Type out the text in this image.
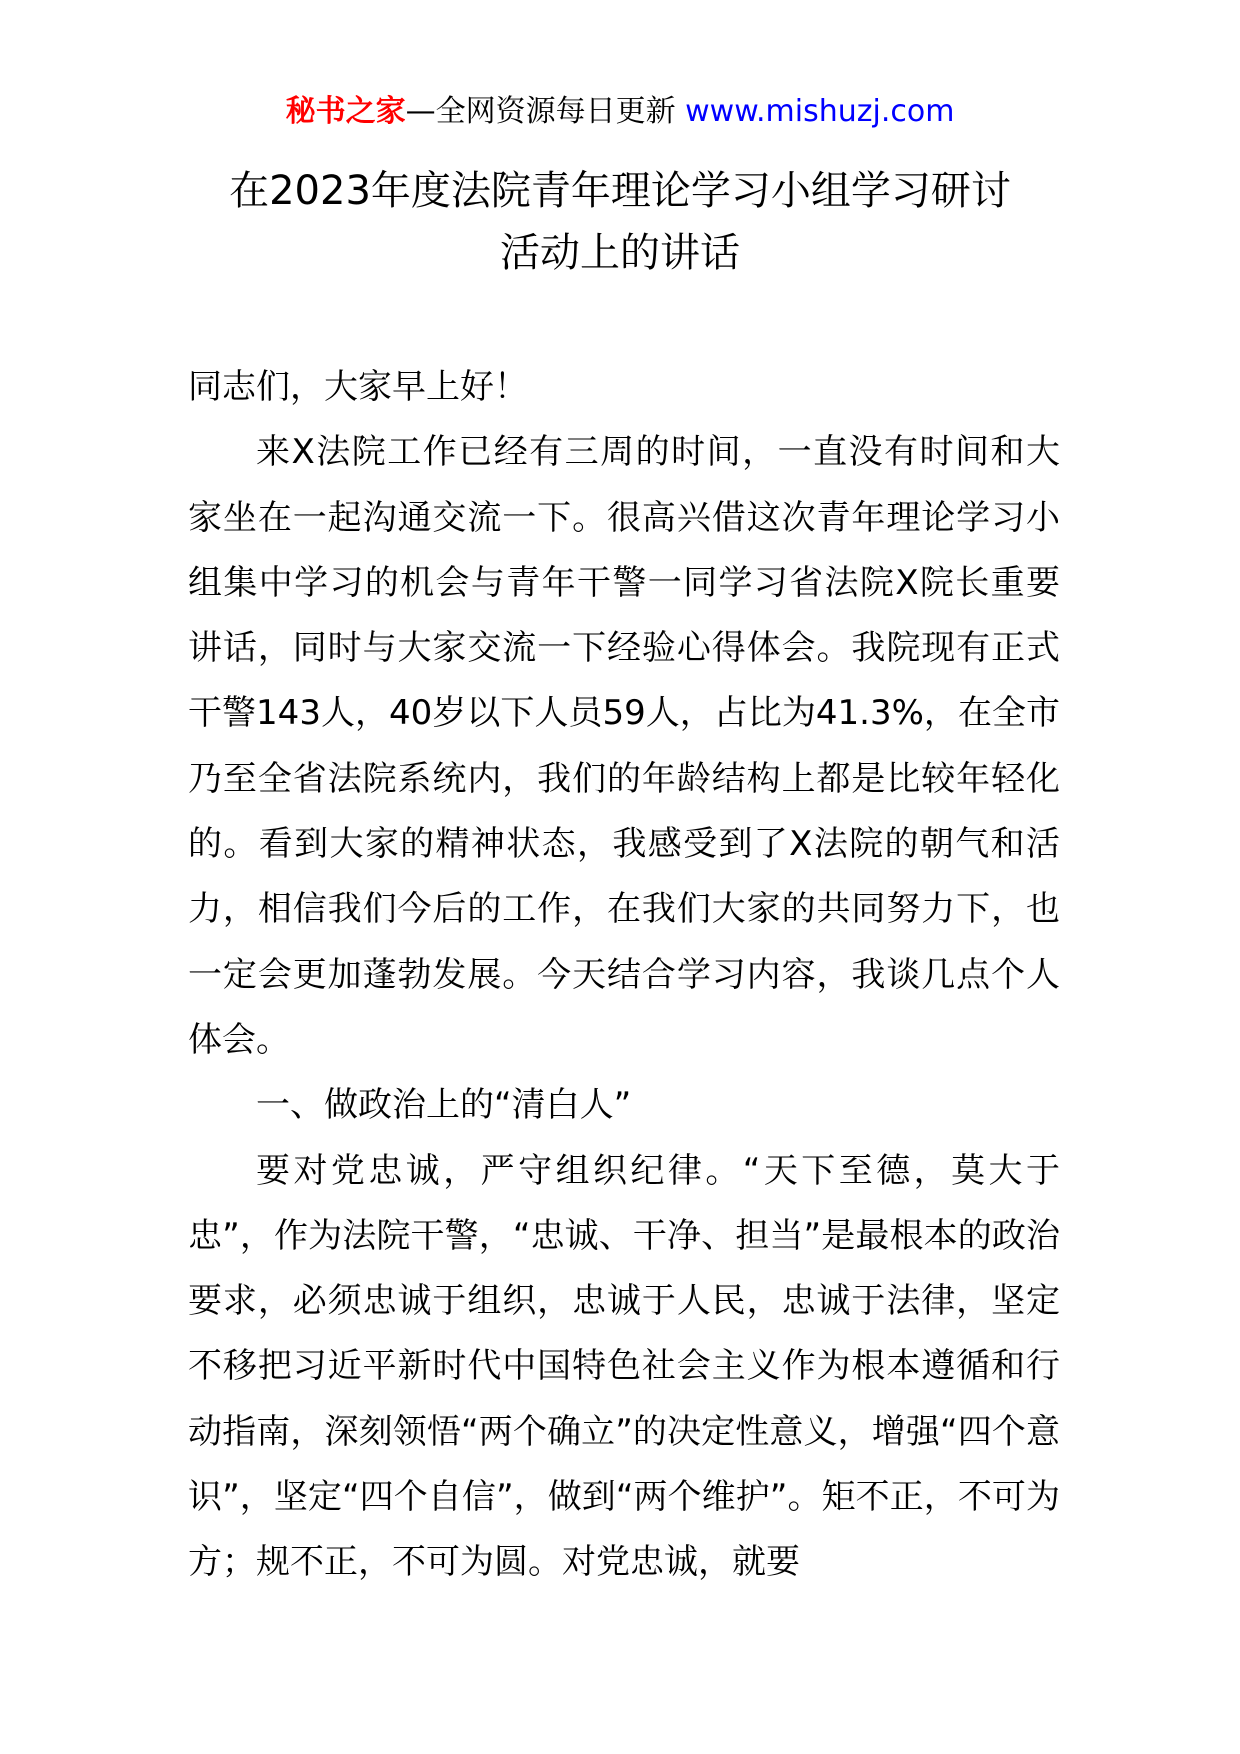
秘书之家—全网资源每日更新 www.mishuzj.com
在2023年度法院青年理论学习小组学习研讨
活动上的讲话

同志们，大家早上好！

来X法院工作已经有三周的时间，一直没有时间和大家坐在一起沟通交流一下。很高兴借这次青年理论学习小组集中学习的机会与青年干警一同学习省法院X院长重要讲话，同时与大家交流一下经验心得体会。我院现有正式干警143人，40岁以下人员59人，占比为41.3%，在全市乃至全省法院系统内，我们的年龄结构上都是比较年轻化的。看到大家的精神状态，我感受到了X法院的朝气和活力，相信我们今后的工作，在我们大家的共同努力下，也一定会更加蓬勃发展。今天结合学习内容，我谈几点个人体会。

一、做政治上的“清白人”

要对党忠诚，严守组织纪律。“天下至德，莫大于忠”，作为法院干警，“忠诚、干净、担当”是最根本的政治要求，必须忠诚于组织，忠诚于人民，忠诚于法律，坚定不移把习近平新时代中国特色社会主义作为根本遵循和行动指南，深刻领悟“两个确立”的决定性意义，增强“四个意识”，坚定“四个自信”，做到“两个维护”。矩不正，不可为方；规不正，不可为圆。对党忠诚，就要
